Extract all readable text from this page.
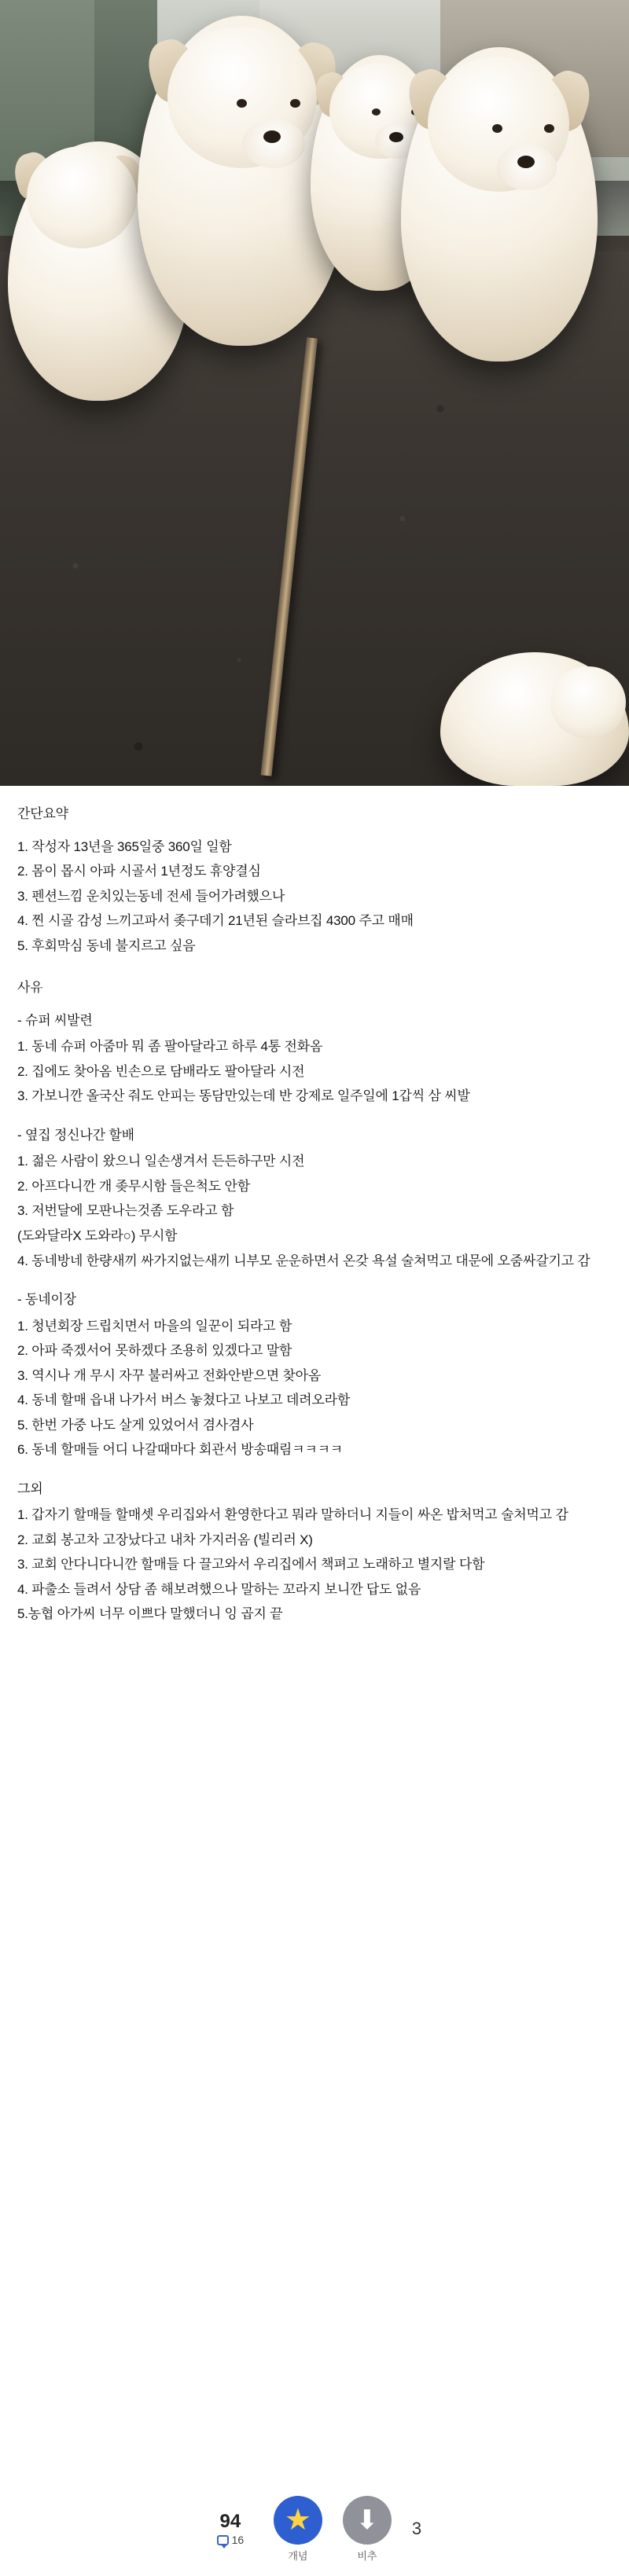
간단요약

1. 작성자 13년을 365일중 360일 일함

2. 몸이 몹시 아파 시골서 1년정도 휴양결심

3. 펜션느낌 운치있는동네 전세 들어가려했으나

4. 찐 시골 감성 느끼고파서 좆구데기 21년된 슬라브집 4300 주고 매매

5. 후회막심 동네 불지르고 싶음

사유

- 슈퍼 씨발련

1. 동네 슈퍼 아줌마 뭐 좀 팔아달라고 하루 4통 전화옴

2. 집에도 찾아옴 빈손으로 담배라도 팔아달라 시전

3. 가보니깐 올국산 줘도 안피는 똥담만있는데 반 강제로 일주일에 1갑씩 삼 씨발

- 옆집 정신나간 할배

1. 젊은 사람이 왔으니 일손생겨서 든든하구만 시전

2. 아프다니깐 개 좆무시함 들은척도 안함

3. 저번달에 모판나는것좀 도우라고 함

(도와달라X 도와라○) 무시함

4. 동네방네 한량새끼 싸가지없는새끼 니부모 운운하면서 온갖 욕설 술쳐먹고 대문에 오줌싸갈기고 감

- 동네이장

1. 청년회장 드립치면서 마을의 일꾼이 되라고 함

2. 아파 죽겠서어 못하겠다 조용히 있겠다고 말함

3. 역시나 개 무시 자꾸 불러싸고 전화안받으면 찾아옴

4. 동네 할매 읍내 나가서 버스 놓쳤다고 나보고 데려오라함

5. 한번 가중 나도 살게 있었어서 겸사겸사

6. 동네 할매들 어디 나갈때마다 회관서 방송때림ㅋㅋㅋㅋ

그외

1. 갑자기 할매들 할매셋 우리집와서 환영한다고 뭐라 말하더니 지들이 싸온 밥처먹고 술처먹고 감

2. 교회 봉고차 고장났다고 내차 가지러옴 (빌리러 X)

3. 교회 안다니다니깐 할매들 다 끌고와서 우리집에서 책펴고 노래하고 별지랄 다함

4. 파출소 들려서 상담 좀 해보려했으나 말하는 꼬라지 보니깐 답도 없음

5.농협 아가씨 너무 이쁘다 말했더니 잉 곱지 끝

94
16
★
개념
⬇
비추
3
